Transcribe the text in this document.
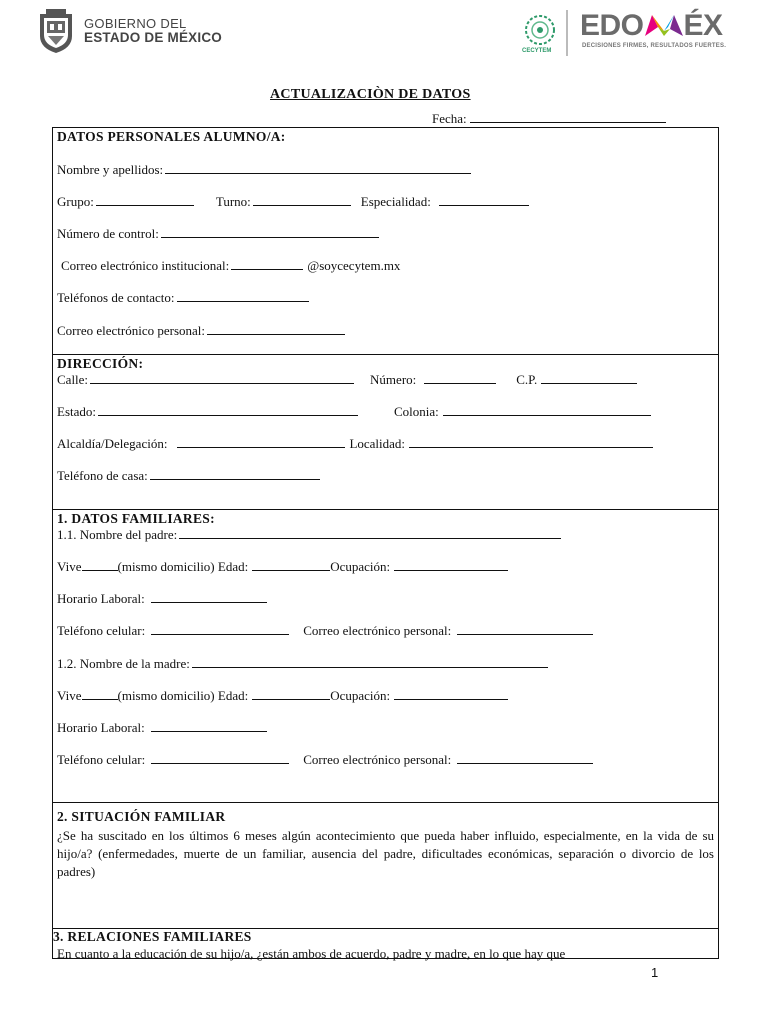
GOBIERNO DEL
ESTADO DE MÉXICO
CECYTEM
EDO ÉX
DECISIONES FIRMES, RESULTADOS FUERTES.
ACTUALIZACIÒN DE DATOS
Fecha:
DATOS PERSONALES ALUMNO/A:
Nombre y apellidos:
Grupo:	Turno:	Especialidad:
Número de control:
Correo electrónico institucional:	@soycecytem.mx
Teléfonos de contacto:
Correo electrónico personal:
DIRECCIÓN:
Calle:	Número:	C.P.
Estado:	Colonia:
Alcaldía/Delegación:	Localidad:
Teléfono de casa:
1. DATOS FAMILIARES:
1.1. Nombre del padre:
Vive	(mismo domicilio) Edad:	Ocupación:
Horario Laboral:
Teléfono celular:	Correo electrónico personal:
1.2. Nombre de la madre:
Vive	(mismo domicilio) Edad:	Ocupación:
Horario Laboral:
Teléfono celular:	Correo electrónico personal:
2. SITUACIÓN FAMILIAR
¿Se ha suscitado en los últimos 6 meses algún acontecimiento que pueda haber influido, especialmente, en la vida de su hijo/a? (enfermedades, muerte de un familiar, ausencia del padre, dificultades económicas, separación o divorcio de los padres)
3. RELACIONES FAMILIARES
En cuanto a la educación de su hijo/a, ¿están ambos de acuerdo, padre y madre, en lo que hay que
1
